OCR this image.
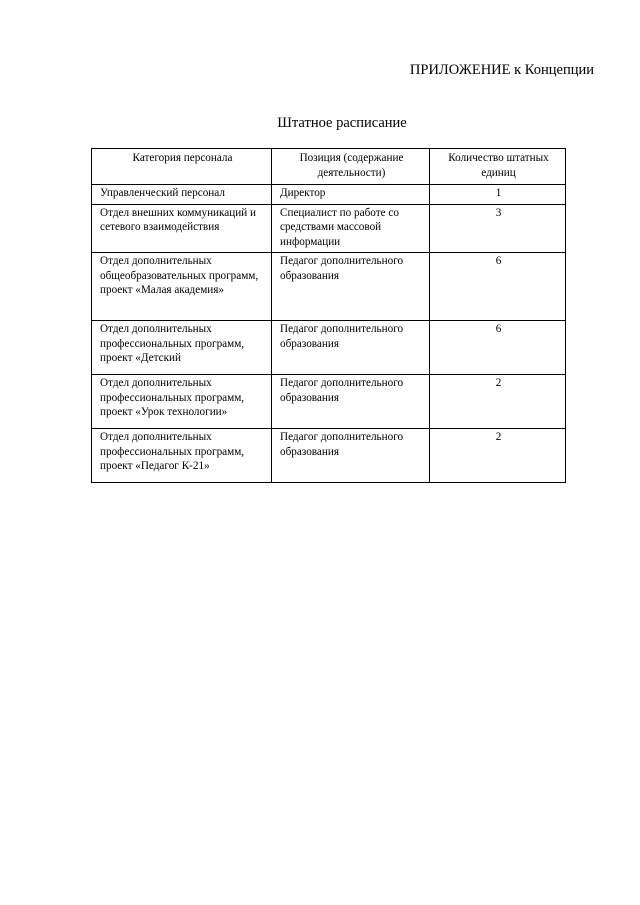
ПРИЛОЖЕНИЕ к Концепции
Штатное расписание
Категория персонала	Позиция (содержание деятельности)	Количество штатных единиц
Управленческий персонал	Директор	1
Отдел внешних коммуникаций и сетевого взаимодействия	Специалист по работе со средствами массовой информации	3
Отдел дополнительных общеобразовательных программ, проект «Малая академия»	Педагог дополнительного образования	6
Отдел дополнительных профессиональных программ, проект «Детский	Педагог дополнительного образования	6
Отдел дополнительных профессиональных программ, проект «Урок технологии»	Педагог дополнительного образования	2
Отдел дополнительных профессиональных программ, проект «Педагог К-21»	Педагог дополнительного образования	2
